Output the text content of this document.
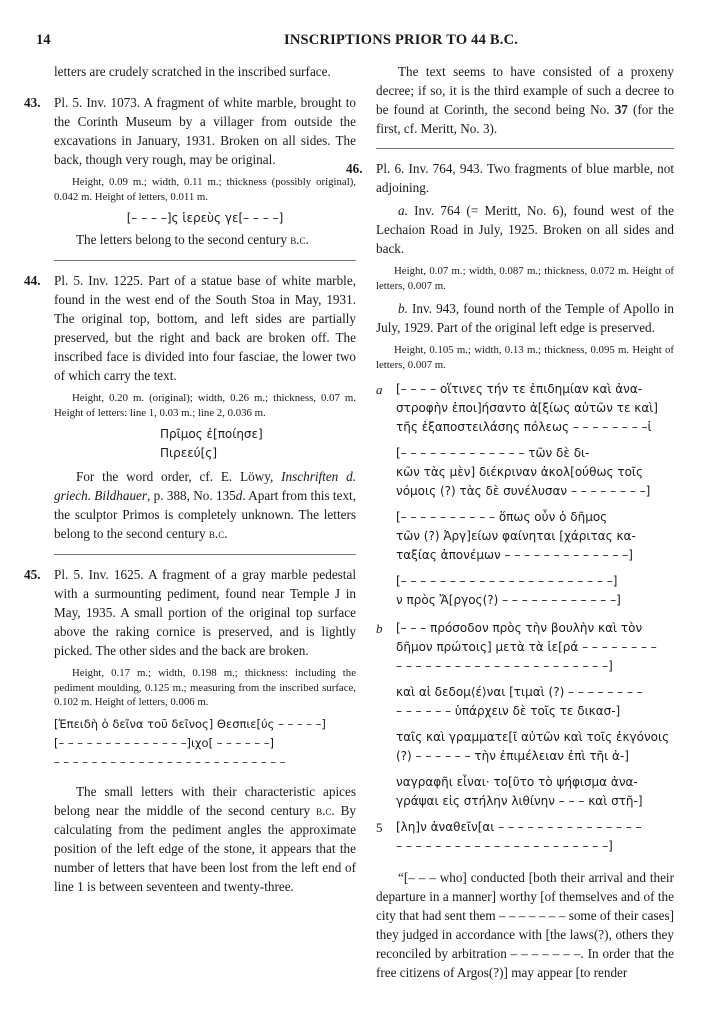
14	INSCRIPTIONS PRIOR TO 44 B.C.

letters are crudely scratched in the inscribed surface.

43. Pl. 5. Inv. 1073. A fragment of white marble, brought to the Corinth Museum by a villager from outside the excavations in January, 1931. Broken on all sides. The back, though very rough, may be original.

Height, 0.09 m.; width, 0.11 m.; thickness (possibly original), 0.042 m. Height of letters, 0.011 m.

[– – – –]ς ἱερεὺς γε[– – – –]

The letters belong to the second century b.c.

44. Pl. 5. Inv. 1225. Part of a statue base of white marble, found in the west end of the South Stoa in May, 1931. The original top, bottom, and left sides are partially preserved, but the right and back are broken off. The inscribed face is divided into four fasciae, the lower two of which carry the text.

Height, 0.20 m. (original); width, 0.26 m.; thickness, 0.07 m. Height of letters: line 1, 0.03 m.; line 2, 0.036 m.

Πρῖμος ἐ[ποίησε]
Πιρεεύ[ς]

For the word order, cf. E. Löwy, Inschriften d. griech. Bildhauer, p. 388, No. 135d. Apart from this text, the sculptor Primos is completely unknown. The letters belong to the second century b.c.

45. Pl. 5. Inv. 1625. A fragment of a gray marble pedestal with a surmounting pediment, found near Temple J in May, 1935. A small portion of the original top surface above the raking cornice is preserved, and is lightly picked. The other sides and the back are broken.

Height, 0.17 m.; width, 0.198 m.; thickness: including the pediment moulding, 0.125 m.; measuring from the inscribed surface, 0.102 m. Height of letters, 0.006 m.

[Ἐπειδὴ ὁ δεῖνα τοῦ δεῖνος] Θεσπιε[ύς – – – – –]
[– – – – – – – – – – – – – –]ιχο[ – – – – – –]
– – – – – – – – – – – – – – – – – – – – – – – – –

The small letters with their characteristic apices belong near the middle of the second century b.c. By calculating from the pediment angles the approximate position of the left edge of the stone, it appears that the number of letters that have been lost from the left end of line 1 is between seventeen and twenty-three.

The text seems to have consisted of a proxeny decree; if so, it is the third example of such a decree to be found at Corinth, the second being No. 37 (for the first, cf. Meritt, No. 3).

46. Pl. 6. Inv. 764, 943. Two fragments of blue marble, not adjoining.

a. Inv. 764 (= Meritt, No. 6), found west of the Lechaion Road in July, 1925. Broken on all sides and back.

Height, 0.07 m.; width, 0.087 m.; thickness, 0.072 m. Height of letters, 0.007 m.

b. Inv. 943, found north of the Temple of Apollo in July, 1929. Part of the original left edge is preserved.

Height, 0.105 m.; width, 0.13 m.; thickness, 0.095 m. Height of letters, 0.007 m.

a [– – – – οἵτινες τήν τε ἐπιδημίαν καὶ ἀνα-
στροφὴν ἐποι]ήσαντο ἀ[ξίως αὐτῶν τε καὶ]
τῆς ἐξαποστειλάσης πόλεως – – – – – – – –ἰ
[– – – – – – – – – – – – – τῶν δὲ δι-
κῶν τὰς μὲν] διέκριναν ἀκολ[ούθως τοῖς
νόμοις (?) τὰς δὲ συνέλυσαν – – – – – – – –]
[– – – – – – – – – – ὅπως οὖν ὁ δῆμος
τῶν (?) Ἀργ]είων φαίνηται [χάριτας κα-
ταξίας ἀπονέμων – – – – – – – – – – – – –]
[– – – – – – – – – – – – – – – – – – – – – –]
ν πρὸς Ἄ[ργος(?) – – – – – – – – – – – –]
b [– – – πρόσοδον πρὸς τὴν βουλὴν καὶ τὸν
δῆμον πρώτοις] μετὰ τὰ ἱε[ρά – – – – – – – –
– – – – – – – – – – – – – – – – – – – – – –]
καὶ αἱ δεδομ⟨έ⟩ναι [τιμαὶ (?) – – – – – – – –
– – – – – – ὑπάρχειν δὲ τοῖς τε δικασ-]
ταῖς καὶ γραμματε[ῖ αὐτῶν καὶ τοῖς ἐκγόνοις
(?) – – – – – – τὴν ἐπιμέλειαν ἐπὶ τῆι ἀ-]
ναγραφῆι εἶναι· το[ῦτο τὸ ψήφισμα ἀνα-
γράψαι εἰς στήλην λιθίνην – – – καὶ στῆ-]
5 [λη]ν ἀναθεῖν[αι – – – – – – – – – – – – – – –
– – – – – – – – – – – – – – – – – – – – – –]

“[– – – who] conducted [both their arrival and their departure in a manner] worthy [of themselves and of the city that had sent them – – – – – – – some of their cases] they judged in accordance with [the laws(?), others they reconciled by arbitration – – – – – – –. In order that the free citizens of Argos(?)] may appear [to render
